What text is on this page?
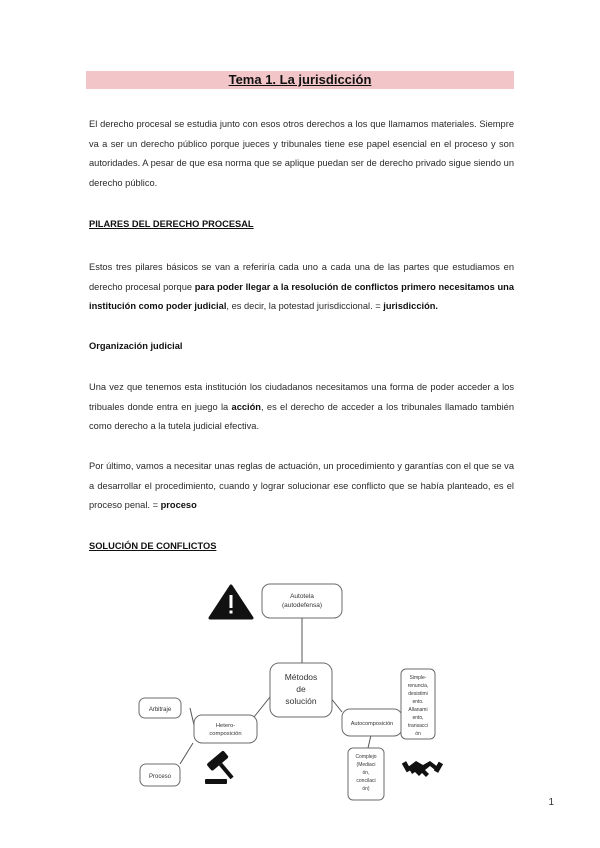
Tema 1. La jurisdicción
El derecho procesal se estudia junto con esos otros derechos a los que llamamos materiales. Siempre va a ser un derecho público porque jueces y tribunales tiene ese papel esencial en el proceso y son autoridades. A pesar de que esa norma que se aplique puedan ser de derecho privado sigue siendo un derecho público.
PILARES DEL DERECHO PROCESAL
Estos tres pilares básicos se van a referiría cada uno a cada una de las partes que estudiamos en derecho procesal porque para poder llegar a la resolución de conflictos primero necesitamos una institución como poder judicial, es decir, la potestad jurisdiccional. = jurisdicción.
Organización judicial
Una vez que tenemos esta institución los ciudadanos necesitamos una forma de poder acceder a los tribuales donde entra en juego la acción, es el derecho de acceder a los tribunales llamado también como derecho a la tutela judicial efectiva.
Por último, vamos a necesitar unas reglas de actuación, un procedimiento y garantías con el que se va a desarrollar el procedimiento, cuando y lograr solucionar ese conflicto que se había planteado, es el proceso penal. = proceso
SOLUCIÓN DE CONFLICTOS
Autotela
(autodefensa)
Métodos
de
solución
Hetero-
composición
Arbitraje
Proceso
Autocomposición
Simple-
renuncia,
desistimi
ento.
Allanami
ento,
transacci
ón
Complejo
(Mediaci
ón,
concilaci
ón)
1
